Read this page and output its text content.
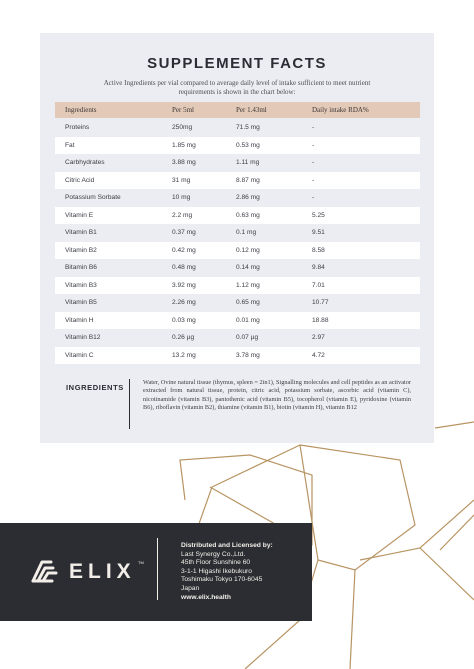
SUPPLEMENT FACTS
Active Ingredients per vial compared to average daily level of intake sufficient to meet nutrient requirements is shown in the chart below:
Ingredients	Per 5ml	Per 1.43ml	Daily intake RDA%
Proteins	250mg	71.5 mg	-
Fat	1.85 mg	0.53 mg	-
Carbhydrates	3.88 mg	1.11 mg	-
Citric Acid	31 mg	8.87 mg	-
Potassium Sorbate	10 mg	2.86 mg	-
Vitamin E	2.2 mg	0.63 mg	5.25
Vitamin B1	0.37 mg	0.1 mg	9.51
Vitamin B2	0.42 mg	0.12 mg	8.58
Bitamin B6	0.48 mg	0.14 mg	9.84
Vitamin B3	3.92 mg	1.12 mg	7.01
Vitamin B5	2.26 mg	0.65 mg	10.77
Vitamin H	0.03 mg	0.01 mg	18.88
Vitamin B12	0.26 µg	0.07 µg	2.97
Vitamin C	13.2 mg	3.78 mg	4.72
INGREDIENTS
Water, Ovine natural tissue (thymus, spleen = 2in1), Signalling molecules and cell peptides as an activator extracted from natural tissue, protein, citric acid, potassium sorbate, ascorbic acid (vitamin C), nicotinamide (vitamin B3), pantothenic acid (vitamin B5), tocopherol (vitamin E), pyridoxine (vitamin B6), riboflavin (vitamin B2), thiamine (vitamin B1), biotin (vitamin H), vitamin B12
ELIX TM
Distributed and Licensed by:
Last Synergy Co.,Ltd.
45th Floor Sunshine 60
3-1-1 Higashi Ikebukuro
Toshimaku Tokyo 170-6045
Japan
www.elix.health
